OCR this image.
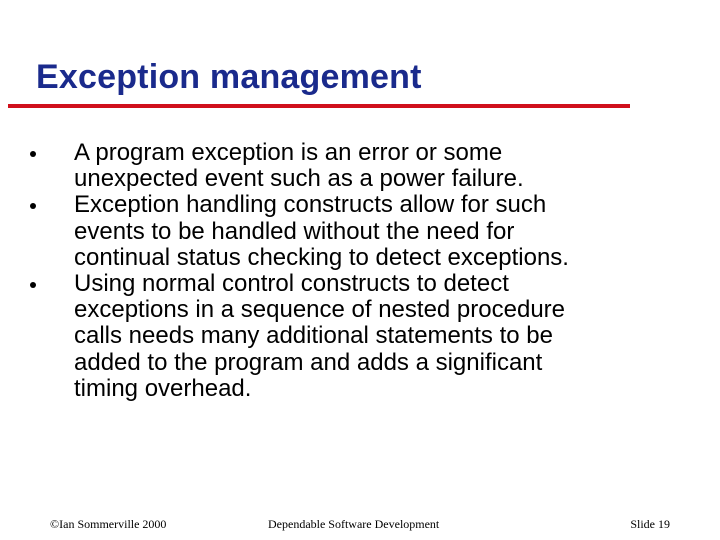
Exception management
A program exception is an error or some
unexpected event such as a power failure.
Exception handling constructs allow for such
events to be handled without the need for
continual status checking to detect exceptions.
Using normal control constructs to detect
exceptions in a sequence of nested procedure
calls needs many additional statements to be
added to the program and adds a significant
timing overhead.
©Ian Sommerville 2000	Dependable Software Development	Slide 19
